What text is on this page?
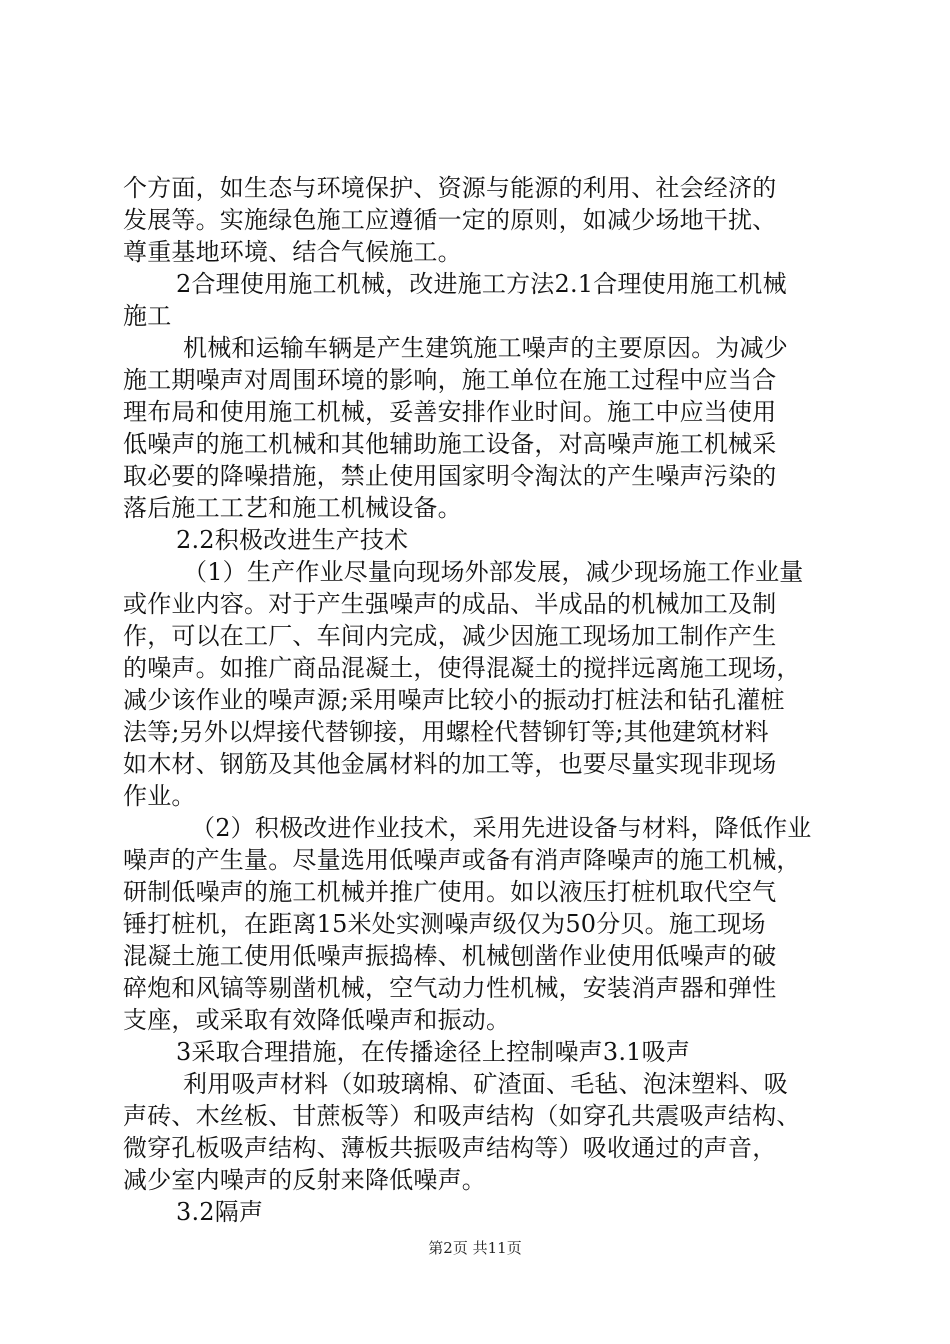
个方面，如生态与环境保护、资源与能源的利用、社会经济的
发展等。实施绿色施工应遵循一定的原则，如减少场地干扰、
尊重基地环境、结合气候施工。
2合理使用施工机械，改进施工方法2.1合理使用施工机械
施工
机械和运输车辆是产生建筑施工噪声的主要原因。为减少
施工期噪声对周围环境的影响，施工单位在施工过程中应当合
理布局和使用施工机械，妥善安排作业时间。施工中应当使用
低噪声的施工机械和其他辅助施工设备，对高噪声施工机械采
取必要的降噪措施，禁止使用国家明令淘汰的产生噪声污染的
落后施工工艺和施工机械设备。
2.2积极改进生产技术
（1）生产作业尽量向现场外部发展，减少现场施工作业量
或作业内容。对于产生强噪声的成品、半成品的机械加工及制
作，可以在工厂、车间内完成，减少因施工现场加工制作产生
的噪声。如推广商品混凝土，使得混凝土的搅拌远离施工现场，
减少该作业的噪声源;采用噪声比较小的振动打桩法和钻孔灌桩
法等;另外以焊接代替铆接，用螺栓代替铆钉等;其他建筑材料
如木材、钢筋及其他金属材料的加工等，也要尽量实现非现场
作业。
（2）积极改进作业技术，采用先进设备与材料，降低作业
噪声的产生量。尽量选用低噪声或备有消声降噪声的施工机械，
研制低噪声的施工机械并推广使用。如以液压打桩机取代空气
锤打桩机，在距离15米处实测噪声级仅为50分贝。施工现场
混凝土施工使用低噪声振捣棒、机械刨凿作业使用低噪声的破
碎炮和风镐等剔凿机械，空气动力性机械，安装消声器和弹性
支座，或采取有效降低噪声和振动。
3采取合理措施，在传播途径上控制噪声3.1吸声
利用吸声材料（如玻璃棉、矿渣面、毛毡、泡沫塑料、吸
声砖、木丝板、甘蔗板等）和吸声结构（如穿孔共震吸声结构、
微穿孔板吸声结构、薄板共振吸声结构等）吸收通过的声音，
减少室内噪声的反射来降低噪声。
3.2隔声
第2页 共11页
